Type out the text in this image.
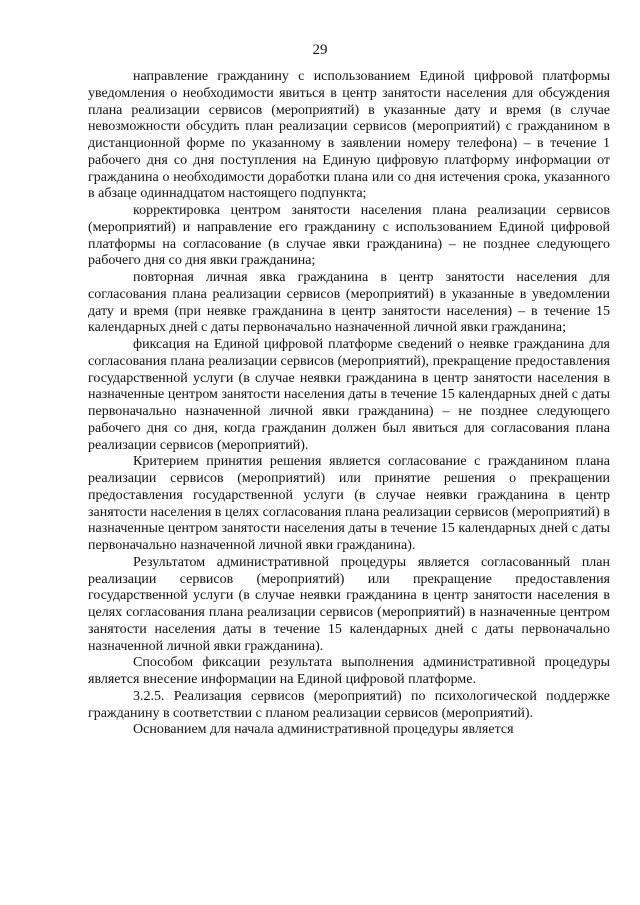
29

направление гражданину с использованием Единой цифровой платформы уведомления о необходимости явиться в центр занятости населения для обсуждения плана реализации сервисов (мероприятий) в указанные дату и время (в случае невозможности обсудить план реализации сервисов (мероприятий) с гражданином в дистанционной форме по указанному в заявлении номеру телефона) – в течение 1 рабочего дня со дня поступления на Единую цифровую платформу информации от гражданина о необходимости доработки плана или со дня истечения срока, указанного в абзаце одиннадцатом настоящего подпункта;

корректировка центром занятости населения плана реализации сервисов (мероприятий) и направление его гражданину с использованием Единой цифровой платформы на согласование (в случае явки гражданина) – не позднее следующего рабочего дня со дня явки гражданина;

повторная личная явка гражданина в центр занятости населения для согласования плана реализации сервисов (мероприятий) в указанные в уведомлении дату и время (при неявке гражданина в центр занятости населения) – в течение 15 календарных дней с даты первоначально назначенной личной явки гражданина;

фиксация на Единой цифровой платформе сведений о неявке гражданина для согласования плана реализации сервисов (мероприятий), прекращение предоставления государственной услуги (в случае неявки гражданина в центр занятости населения в назначенные центром занятости населения даты в течение 15 календарных дней с даты первоначально назначенной личной явки гражданина) – не позднее следующего рабочего дня со дня, когда гражданин должен был явиться для согласования плана реализации сервисов (мероприятий).

Критерием принятия решения является согласование с гражданином плана реализации сервисов (мероприятий) или принятие решения о прекращении предоставления государственной услуги (в случае неявки гражданина в центр занятости населения в целях согласования плана реализации сервисов (мероприятий) в назначенные центром занятости населения даты в течение 15 календарных дней с даты первоначально назначенной личной явки гражданина).

Результатом административной процедуры является согласованный план реализации сервисов (мероприятий) или прекращение предоставления государственной услуги (в случае неявки гражданина в центр занятости населения в целях согласования плана реализации сервисов (мероприятий) в назначенные центром занятости населения даты в течение 15 календарных дней с даты первоначально назначенной личной явки гражданина).

Способом фиксации результата выполнения административной процедуры является внесение информации на Единой цифровой платформе.

3.2.5. Реализация сервисов (мероприятий) по психологической поддержке гражданину в соответствии с планом реализации сервисов (мероприятий).

Основанием для начала административной процедуры является
